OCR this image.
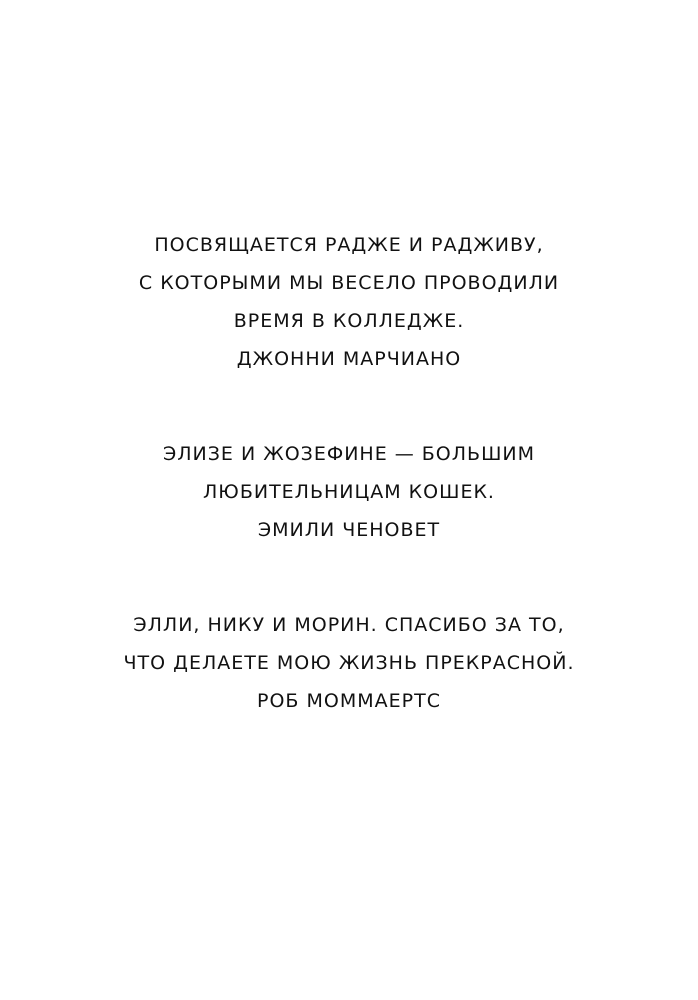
ПОСВЯЩАЕТСЯ РАДЖЕ И РАДЖИВУ,
С КОТОРЫМИ МЫ ВЕСЕЛО ПРОВОДИЛИ
ВРЕМЯ В КОЛЛЕДЖЕ.
ДЖОННИ МАРЧИАНО
ЭЛИЗЕ И ЖОЗЕФИНЕ — БОЛЬШИМ
ЛЮБИТЕЛЬНИЦАМ КОШЕК.
ЭМИЛИ ЧЕНОВЕТ
ЭЛЛИ, НИКУ И МОРИН. СПАСИБО ЗА ТО,
ЧТО ДЕЛАЕТЕ МОЮ ЖИЗНЬ ПРЕКРАСНОЙ.
РОБ МОММАЕРТС
